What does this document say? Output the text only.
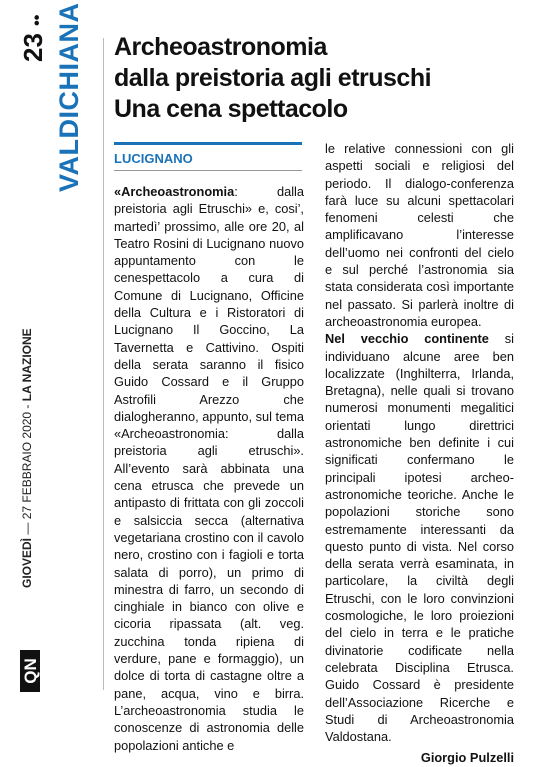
23 •• VALDICHIANA
GIOVEDÌ — 27 FEBBRAIO 2020 - LA NAZIONE
QN
Archeoastronomia
dalla preistoria agli etruschi
Una cena spettacolo
LUCIGNANO

«Archeoastronomia: dalla preistoria agli Etruschi» e, cosi’, martedì’ prossimo, alle ore 20, al Teatro Rosini di Lucignano nuovo appuntamento con le cenespettacolo a cura di Comune di Lucignano, Officine della Cultura e i Ristoratori di Lucignano Il Goccino, La Tavernetta e Cattivino. Ospiti della serata saranno il fisico Guido Cossard e il Gruppo Astrofili Arezzo che dialogheranno, appunto, sul tema «Archeoastronomia: dalla preistoria agli etruschi». All’evento sarà abbinata una cena etrusca che prevede un antipasto di frittata con gli zoccoli e salsiccia secca (alternativa vegetariana crostino con il cavolo nero, crostino con i fagioli e torta salata di porro), un primo di minestra di farro, un secondo di cinghiale in bianco con olive e cicoria ripassata (alt. veg. zucchina tonda ripiena di verdure, pane e formaggio), un dolce di torta di castagne oltre a pane, acqua, vino e birra. L’archeoastronomia studia le conoscenze di astronomia delle popolazioni antiche e

le relative connessioni con gli aspetti sociali e religiosi del periodo. Il dialogo-conferenza farà luce su alcuni spettacolari fenomeni celesti che amplificavano l’interesse dell’uomo nei confronti del cielo e sul perché l’astronomia sia stata considerata così importante nel passato. Si parlerà inoltre di archeoastronomia europea.

Nel vecchio continente si individuano alcune aree ben localizzate (Inghilterra, Irlanda, Bretagna), nelle quali si trovano numerosi monumenti megalitici orientati lungo direttrici astronomiche ben definite i cui significati confermano le principali ipotesi archeo-astronomiche teoriche. Anche le popolazioni storiche sono estremamente interessanti da questo punto di vista. Nel corso della serata verrà esaminata, in particolare, la civiltà degli Etruschi, con le loro convinzioni cosmologiche, le loro proiezioni del cielo in terra e le pratiche divinatorie codificate nella celebrata Disciplina Etrusca. Guido Cossard è presidente dell’Associazione Ricerche e Studi di Archeoastronomia Valdostana.

Giorgio Pulzelli
